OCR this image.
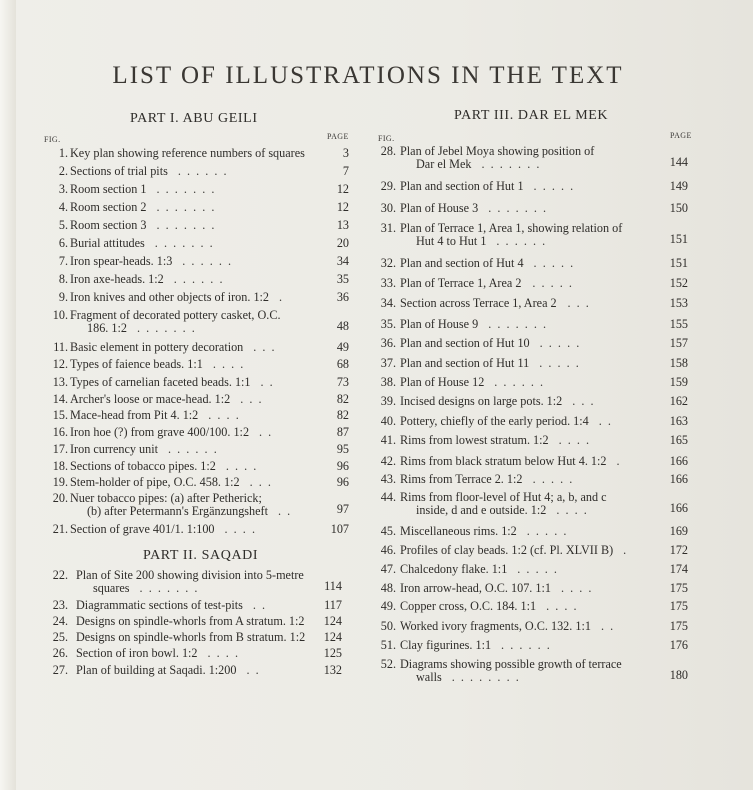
LIST OF ILLUSTRATIONS IN THE TEXT
PART I. ABU GEILI
FIG.	PAGE
1. Key plan showing reference numbers of squares	3
2. Sections of trial pits . . . . . .	7
3. Room section 1 . . . . . . .	12
4. Room section 2 . . . . . . .	12
5. Room section 3 . . . . . . .	13
6. Burial attitudes . . . . . . .	20
7. Iron spear-heads. 1:3 . . . . . .	34
8. Iron axe-heads. 1:2 . . . . . .	35
9. Iron knives and other objects of iron. 1:2 .	36
10. Fragment of decorated pottery casket, O.C.
186. 1:2 . . . . . . .	48
11. Basic element in pottery decoration . . .	49
12. Types of faience beads. 1:1 . . . .	68
13. Types of carnelian faceted beads. 1:1 . .	73
14. Archer's loose or mace-head. 1:2 . . .	82
15. Mace-head from Pit 4. 1:2 . . . .	82
16. Iron hoe (?) from grave 400/100. 1:2 . .	87
17. Iron currency unit . . . . . .	95
18. Sections of tobacco pipes. 1:2 . . . .	96
19. Stem-holder of pipe, O.C. 458. 1:2 . . .	96
20. Nuer tobacco pipes: (a) after Petherick;
(b) after Petermann's Ergänzungsheft . .	97
21. Section of grave 401/1. 1:100 . . . .	107
PART II. SAQADI
22. Plan of Site 200 showing division into 5-metre
squares . . . . . . .	114
23. Diagrammatic sections of test-pits . .	117
24. Designs on spindle-whorls from A stratum. 1:2	124
25. Designs on spindle-whorls from B stratum. 1:2	124
26. Section of iron bowl. 1:2 . . . .	125
27. Plan of building at Saqadi. 1:200 . .	132
PART III. DAR EL MEK
FIG.	PAGE
28. Plan of Jebel Moya showing position of
Dar el Mek . . . . . . .	144
29. Plan and section of Hut 1 . . . . .	149
30. Plan of House 3 . . . . . . .	150
31. Plan of Terrace 1, Area 1, showing relation of
Hut 4 to Hut 1 . . . . . .	151
32. Plan and section of Hut 4 . . . . .	151
33. Plan of Terrace 1, Area 2 . . . . .	152
34. Section across Terrace 1, Area 2 . . .	153
35. Plan of House 9 . . . . . . .	155
36. Plan and section of Hut 10 . . . . .	157
37. Plan and section of Hut 11 . . . . .	158
38. Plan of House 12 . . . . . .	159
39. Incised designs on large pots. 1:2 . . .	162
40. Pottery, chiefly of the early period. 1:4 . .	163
41. Rims from lowest stratum. 1:2 . . . .	165
42. Rims from black stratum below Hut 4. 1:2 .	166
43. Rims from Terrace 2. 1:2 . . . . .	166
44. Rims from floor-level of Hut 4; a, b, and c
inside, d and e outside. 1:2 . . . .	166
45. Miscellaneous rims. 1:2 . . . . .	169
46. Profiles of clay beads. 1:2 (cf. Pl. XLVII B) .	172
47. Chalcedony flake. 1:1 . . . . .	174
48. Iron arrow-head, O.C. 107. 1:1 . . . .	175
49. Copper cross, O.C. 184. 1:1 . . . .	175
50. Worked ivory fragments, O.C. 132. 1:1 . .	175
51. Clay figurines. 1:1 . . . . . .	176
52. Diagrams showing possible growth of terrace
walls . . . . . . . .	180
